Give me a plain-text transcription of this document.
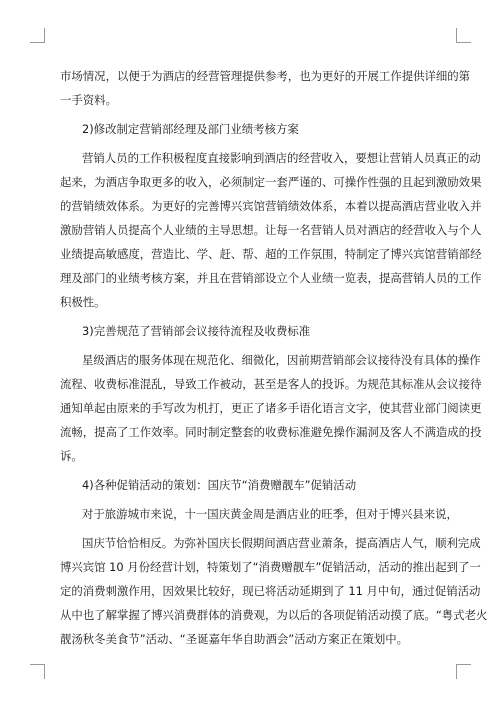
市场情况，以便于为酒店的经营管理提供参考，也为更好的开展工作提供详细的第
一手资料。
2)修改制定营销部经理及部门业绩考核方案
营销人员的工作积极程度直接影响到酒店的经营收入，要想让营销人员真正的动
起来，为酒店争取更多的收入，必须制定一套严谨的、可操作性强的且起到激励效果
的营销绩效体系。为更好的完善博兴宾馆营销绩效体系，本着以提高酒店营业收入并
激励营销人员提高个人业绩的主导思想。让每一名营销人员对酒店的经营收入与个人
业绩提高敏感度，营造比、学、赶、帮、超的工作氛围，特制定了博兴宾馆营销部经
理及部门的业绩考核方案，并且在营销部设立个人业绩一览表，提高营销人员的工作
积极性。
3)完善规范了营销部会议接待流程及收费标准
星级酒店的服务体现在规范化、细微化，因前期营销部会议接待没有具体的操作
流程、收费标准混乱，导致工作被动，甚至是客人的投诉。为规范其标准从会议接待
通知单起由原来的手写改为机打，更正了诸多手语化语言文字，使其营业部门阅读更
流畅，提高了工作效率。同时制定整套的收费标准避免操作漏洞及客人不满造成的投
诉。
4)各种促销活动的策划：国庆节“消费赠靓车”促销活动
对于旅游城市来说，十一国庆黄金周是酒店业的旺季，但对于博兴县来说，
国庆节恰恰相反。为弥补国庆长假期间酒店营业萧条，提高酒店人气，顺利完成
博兴宾馆 10 月份经营计划，特策划了“消费赠靓车”促销活动，活动的推出起到了一
定的消费刺激作用，因效果比较好，现已将活动延期到了 11 月中旬，通过促销活动
从中也了解掌握了博兴消费群体的消费观，为以后的各项促销活动摸了底。“粤式老火
靓汤秋冬美食节”活动、“圣诞嘉年华自助酒会”活动方案正在策划中。
